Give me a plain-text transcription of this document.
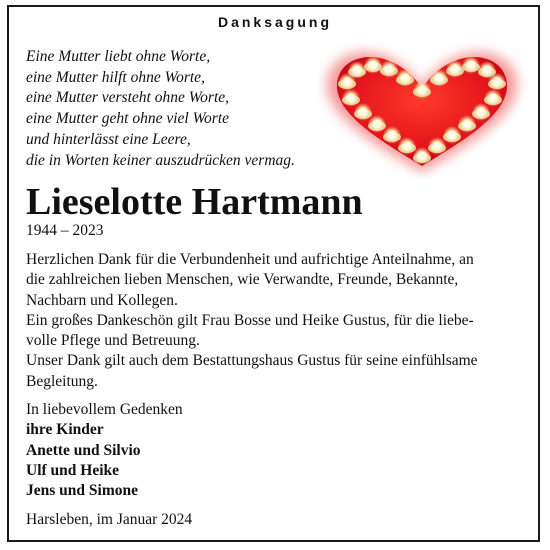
Danksagung
Eine Mutter liebt ohne Worte,
eine Mutter hilft ohne Worte,
eine Mutter versteht ohne Worte,
eine Mutter geht ohne viel Worte
und hinterlässt eine Leere,
die in Worten keiner auszudrücken vermag.
Lieselotte Hartmann
1944 – 2023
Herzlichen Dank für die Verbundenheit und aufrichtige Anteilnahme, an
die zahlreichen lieben Menschen, wie Verwandte, Freunde, Bekannte,
Nachbarn und Kollegen.
Ein großes Dankeschön gilt Frau Bosse und Heike Gustus, für die liebe-
volle Pflege und Betreuung.
Unser Dank gilt auch dem Bestattungshaus Gustus für seine einfühlsame
Begleitung.
In liebevollem Gedenken
ihre Kinder
Anette und Silvio
Ulf und Heike
Jens und Simone
Harsleben, im Januar 2024
